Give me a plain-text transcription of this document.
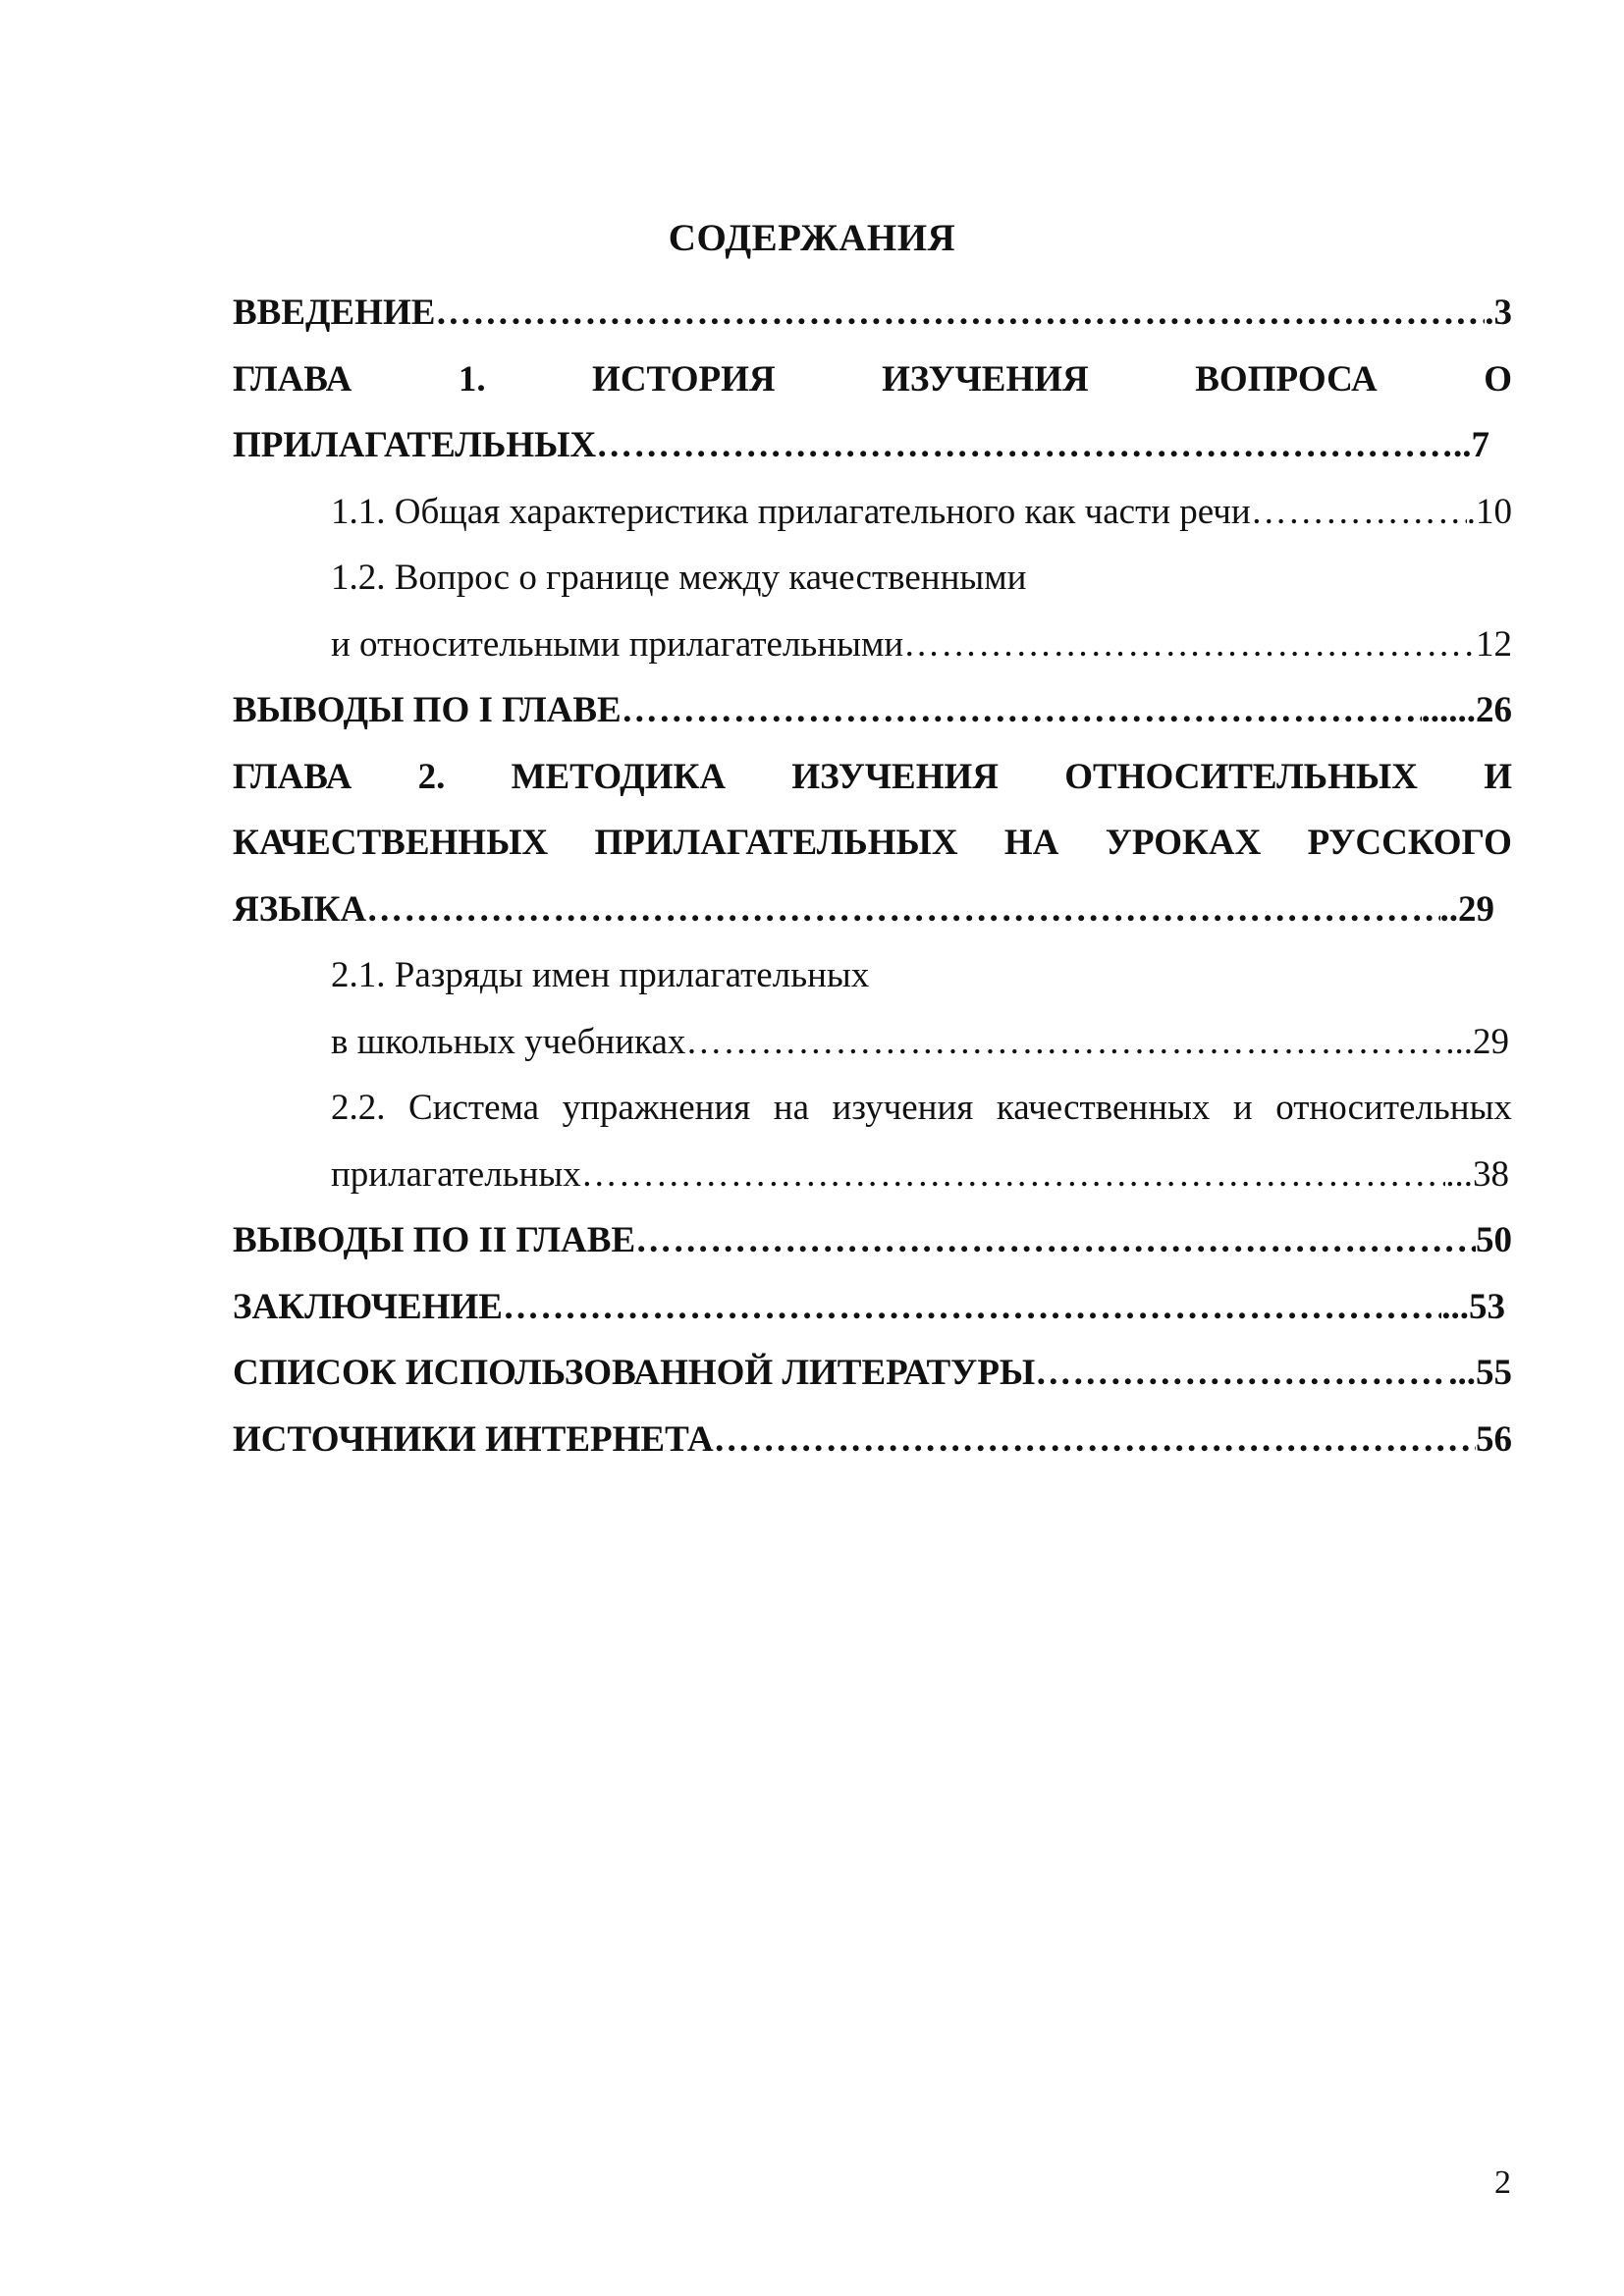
СОДЕРЖАНИЯ
ВВЕДЕНИЕ ………………………………………………………………………………………………………………………………………………………………………………………………	.3
ГЛАВА	1.	ИСТОРИЯ	ИЗУЧЕНИЯ	ВОПРОСА	О
ПРИЛАГАТЕЛЬНЫХ ………………………………………………………………………………………………………………………………………………………………………………………………	..7
1.1. Общая характеристика прилагательного как части речи ………………………………………………………………………………………………………………………………………………………………………………………………	.10
1.2. Вопрос о границе между качественными
и относительными прилагательными ………………………………………………………………………………………………………………………………………………………………………………………………	12
ВЫВОДЫ ПО I ГЛАВЕ ………………………………………………………………………………………………………………………………………………………………………………………………	......26
ГЛАВА 2. МЕТОДИКА ИЗУЧЕНИЯ ОТНОСИТЕЛЬНЫХ И
КАЧЕСТВЕННЫХ ПРИЛАГАТЕЛЬНЫХ НА УРОКАХ РУССКОГО
ЯЗЫКА ………………………………………………………………………………………………………………………………………………………………………………………………	..29
2.1. Разряды имен прилагательных
в школьных учебниках ………………………………………………………………………………………………………………………………………………………………………………………………	...29
2.2. Система упражнения на изучения качественных и относительных
прилагательных ………………………………………………………………………………………………………………………………………………………………………………………………	...38
ВЫВОДЫ ПО II ГЛАВЕ ………………………………………………………………………………………………………………………………………………………………………………………………	50
ЗАКЛЮЧЕНИЕ ………………………………………………………………………………………………………………………………………………………………………………………………	...53
СПИСОК ИСПОЛЬЗОВАННОЙ ЛИТЕРАТУРЫ ………………………………………………………………………………………………………………………………………………………………………………………………	...55
ИСТОЧНИКИ ИНТЕРНЕТА ………………………………………………………………………………………………………………………………………………………………………………………………	56
2
